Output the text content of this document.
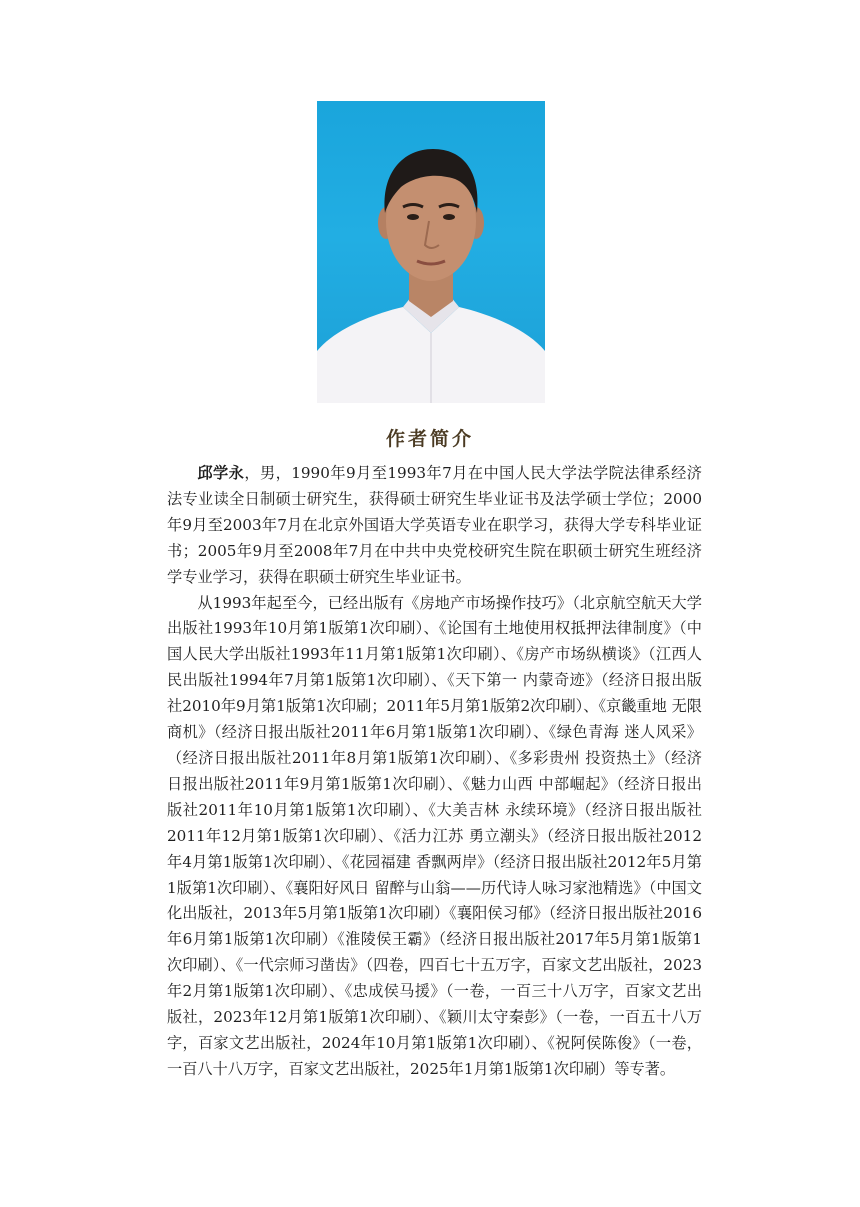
作者简介

邱学永，男，1990年9月至1993年7月在中国人民大学法学院法律系经济法专业读全日制硕士研究生，获得硕士研究生毕业证书及法学硕士学位；2000年9月至2003年7月在北京外国语大学英语专业在职学习，获得大学专科毕业证书；2005年9月至2008年7月在中共中央党校研究生院在职硕士研究生班经济学专业学习，获得在职硕士研究生毕业证书。

从1993年起至今，已经出版有《房地产市场操作技巧》（北京航空航天大学出版社1993年10月第1版第1次印刷）、《论国有土地使用权抵押法律制度》（中国人民大学出版社1993年11月第1版第1次印刷）、《房产市场纵横谈》（江西人民出版社1994年7月第1版第1次印刷）、《天下第一 内蒙奇迹》（经济日报出版社2010年9月第1版第1次印刷；2011年5月第1版第2次印刷）、《京畿重地 无限商机》（经济日报出版社2011年6月第1版第1次印刷）、《绿色青海 迷人风采》（经济日报出版社2011年8月第1版第1次印刷）、《多彩贵州 投资热土》（经济日报出版社2011年9月第1版第1次印刷）、《魅力山西 中部崛起》（经济日报出版社2011年10月第1版第1次印刷）、《大美吉林 永续环境》（经济日报出版社2011年12月第1版第1次印刷）、《活力江苏 勇立潮头》（经济日报出版社2012年4月第1版第1次印刷）、《花园福建 香飘两岸》（经济日报出版社2012年5月第1版第1次印刷）、《襄阳好风日 留醉与山翁——历代诗人咏习家池精选》（中国文化出版社，2013年5月第1版第1次印刷）《襄阳侯习郁》（经济日报出版社2016年6月第1版第1次印刷）《淮陵侯王霸》（经济日报出版社2017年5月第1版第1次印刷）、《一代宗师习凿齿》（四卷，四百七十五万字，百家文艺出版社，2023年2月第1版第1次印刷）、《忠成侯马援》（一卷，一百三十八万字，百家文艺出版社，2023年12月第1版第1次印刷）、《颖川太守秦彭》（一卷，一百五十八万字，百家文艺出版社，2024年10月第1版第1次印刷）、《祝阿侯陈俊》（一卷，一百八十八万字，百家文艺出版社，2025年1月第1版第1次印刷）等专著。
